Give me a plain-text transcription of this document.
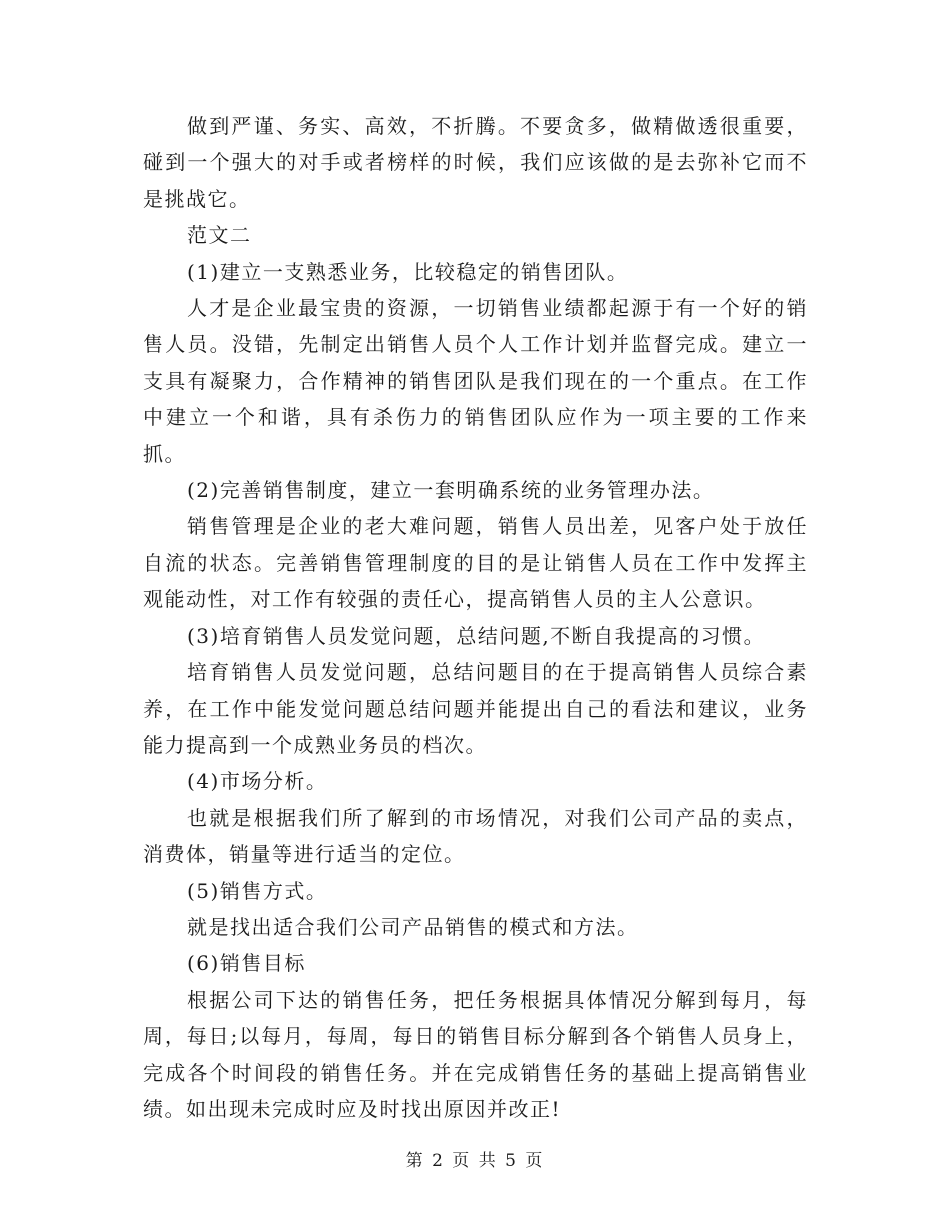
做到严谨、务实、高效，不折腾。不要贪多，做精做透很重要，碰到一个强大的对手或者榜样的时候，我们应该做的是去弥补它而不是挑战它。

范文二

(1)建立一支熟悉业务，比较稳定的销售团队。

人才是企业最宝贵的资源，一切销售业绩都起源于有一个好的销售人员。没错，先制定出销售人员个人工作计划并监督完成。建立一支具有凝聚力，合作精神的销售团队是我们现在的一个重点。在工作中建立一个和谐，具有杀伤力的销售团队应作为一项主要的工作来抓。

(2)完善销售制度，建立一套明确系统的业务管理办法。

销售管理是企业的老大难问题，销售人员出差，见客户处于放任自流的状态。完善销售管理制度的目的是让销售人员在工作中发挥主观能动性，对工作有较强的责任心，提高销售人员的主人公意识。

(3)培育销售人员发觉问题，总结问题,不断自我提高的习惯。

培育销售人员发觉问题，总结问题目的在于提高销售人员综合素养，在工作中能发觉问题总结问题并能提出自己的看法和建议，业务能力提高到一个成熟业务员的档次。

(4)市场分析。

也就是根据我们所了解到的市场情况，对我们公司产品的卖点，消费体，销量等进行适当的定位。

(5)销售方式。

就是找出适合我们公司产品销售的模式和方法。

(6)销售目标

根据公司下达的销售任务，把任务根据具体情况分解到每月，每周，每日;以每月，每周，每日的销售目标分解到各个销售人员身上，完成各个时间段的销售任务。并在完成销售任务的基础上提高销售业绩。如出现未完成时应及时找出原因并改正!

第 2 页 共 5 页
